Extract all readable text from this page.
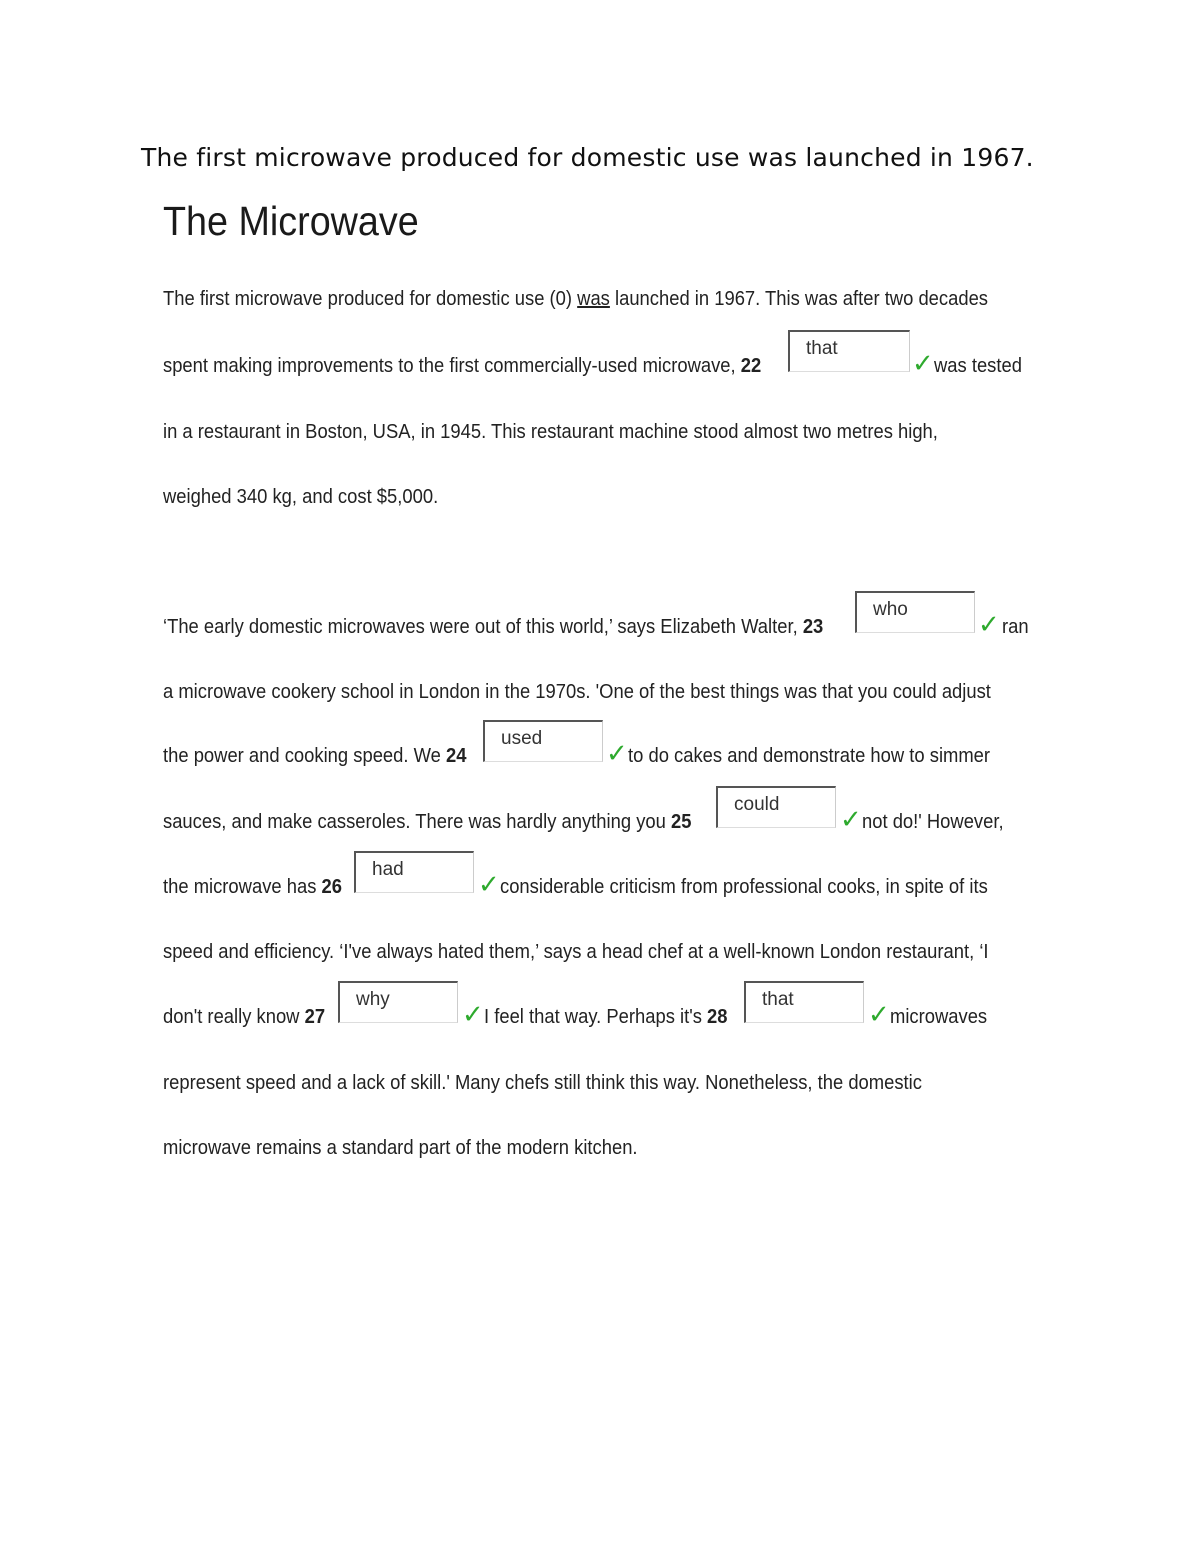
The first microwave produced for domestic use was launched in 1967.
The Microwave
The first microwave produced for domestic use (0) was launched in 1967. This was after two decades
spent making improvements to the first commercially-used microwave, 22
that
✓ was tested
in a restaurant in Boston, USA, in 1945. This restaurant machine stood almost two metres high,
weighed 340 kg, and cost $5,000.
‘The early domestic microwaves were out of this world,’ says Elizabeth Walter, 23
who
✓ ran
a microwave cookery school in London in the 1970s. 'One of the best things was that you could adjust
the power and cooking speed. We 24
used
✓ to do cakes and demonstrate how to simmer
sauces, and make casseroles. There was hardly anything you 25
could
✓ not do!' However,
the microwave has 26
had
✓ considerable criticism from professional cooks, in spite of its
speed and efficiency. ‘I've always hated them,’ says a head chef at a well-known London restaurant, ‘I
don't really know 27
why
✓ I feel that way. Perhaps it's 28
that
✓ microwaves
represent speed and a lack of skill.' Many chefs still think this way. Nonetheless, the domestic
microwave remains a standard part of the modern kitchen.
